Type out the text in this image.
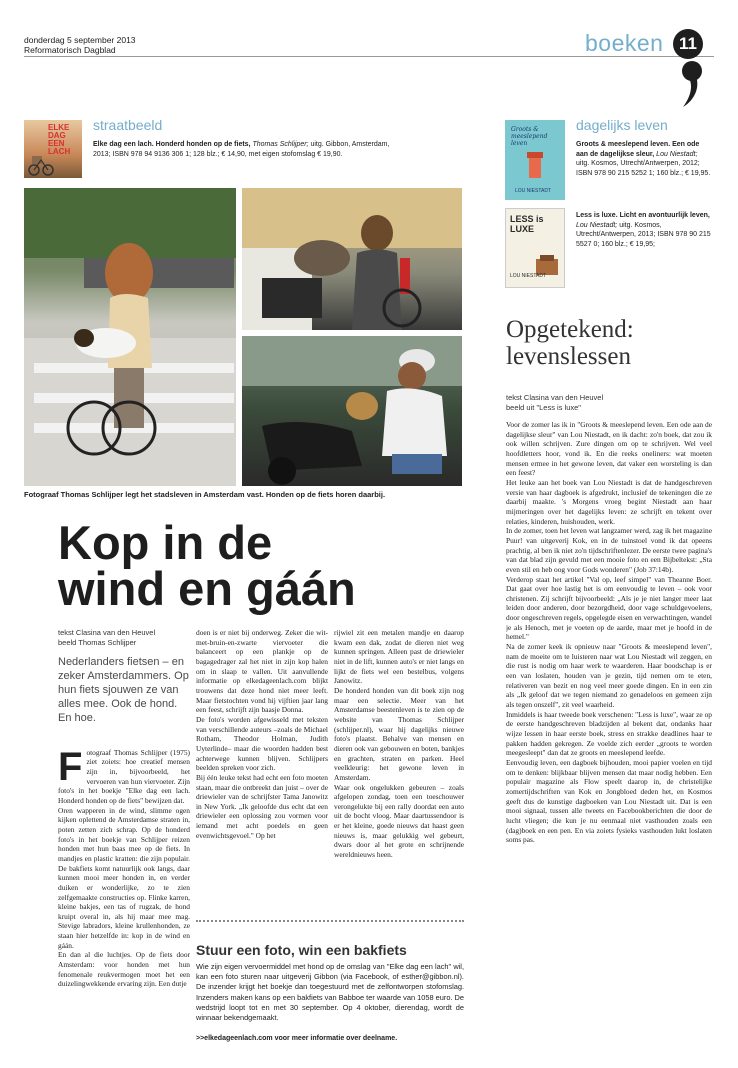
donderdag 5 september 2013
Reformatorisch Dagblad	boeken 11
ELKE DAG EEN LACH
straatbeeld
Elke dag een lach. Honderd honden op de fiets, Thomas Schlijper; uitg. Gibbon, Amsterdam, 2013; ISBN 978 94 9136 306 1; 128 blz.; € 14,90, met eigen stofomslag € 19,90.
Fotograaf Thomas Schlijper legt het stadsleven in Amsterdam vast. Honden op de fiets horen daarbij.
Kop in de
wind en gáán
tekst Clasina van den Heuvel
beeld Thomas Schlijper
Nederlanders fietsen – en zeker Amsterdammers. Op hun fiets sjouwen ze van alles mee. Ook de hond. En hoe.

Fotograaf Thomas Schlijper (1975) ziet zoiets: hoe creatief mensen zijn in, bijvoorbeeld, het vervoeren van hun viervoeter. Zijn foto's in het boekje "Elke dag een lach. Honderd honden op de fiets" bewijzen dat.
Oren wapperen in de wind, slimme ogen kijken oplettend de Amsterdamse straten in, poten zetten zich schrap. Op de honderd foto's in het boekje van Schlijper reizen honden met hun baas mee op de fiets. In mandjes en plastic kratten: die zijn populair. De bakfiets komt natuurlijk ook langs, daar kunnen mooi meer honden in, en verder duiken er wonderlijke, zo te zien zelfgemaakte constructies op. Flinke karren, kleine bakjes, een tas of rugzak, de hond kruipt overal in, als hij maar mee mag. Stevige labradors, kleine krullenhonden, ze staan hier hetzelfde in: kop in de wind en gáán.
En dan al die luchtjes. Op de fiets door Amsterdam: voor honden met hun fenomenale reukvermogen moet het een duizelingwekkende ervaring zijn. Een dutje

doen is er niet bij onderweg. Zeker die wit-met-bruin-en-zwarte viervoeter die balanceert op een plankje op de bagagedrager zal het niet in zijn kop halen om in slaap te vallen. Uit aanvullende informatie op elkedageenlach.com blijkt trouwens dat deze hond niet meer leeft. Maar fietstochten vond hij vijftien jaar lang een feest, schrijft zijn baasje Donna.
De foto's worden afgewisseld met teksten van verschillende auteurs –zoals de Michael Rotham, Theodor Holman, Judith Uyterlinde– maar die woorden hadden best achterwege kunnen blijven. Schlijpers beelden spreken voor zich.
Bij één leuke tekst had echt een foto moeten staan, maar die ontbreekt dan juist – over de driewieler van de schrijfster Tama Janowitz in New York. „Ik geloofde dus echt dat een driewieler een oplossing zou vormen voor iemand met acht poedels en geen evenwichtsgevoel." Op het
rijwiel zit een metalen mandje en daarop kwam een dak, zodat de dieren niet weg kunnen springen. Alleen past de driewieler niet in de lift, kunnen auto's er niet langs en lijkt de fiets wel een bestelbus, volgens Janowitz.
De honderd honden van dit boek zijn nog maar een selectie. Meer van het Amsterdamse beestenleven is te zien op de website van Thomas Schlijper (schlijper.nl), waar hij dagelijks nieuwe foto's plaatst. Behalve van mensen en dieren ook van gebouwen en boten, bankjes en grachten, straten en parken. Heel veelkleurig: het gewone leven in Amsterdam.
Waar ook ongelukken gebeuren – zoals afgelopen zondag, toen een toeschouwer verongelukte bij een rally doordat een auto uit de bocht vloog. Maar daartussendoor is er het kleine, goede nieuws dat haast geen nieuws is, maar gelukkig wel gebeurt, dwars door al het grote en schrijnende wereldnieuws heen.
Stuur een foto, win een bakfiets
Wie zijn eigen vervoermiddel met hond op de omslag van "Elke dag een lach" wil, kan een foto sturen naar uitgeverij Gibbon (via Facebook, of esther@gibbon.nl). De inzender krijgt het boekje dan toegestuurd met de zelfontworpen stofomslag. Inzenders maken kans op een bakfiets van Babboe ter waarde van 1058 euro. De wedstrijd loopt tot en met 30 september. Op 4 oktober, dierendag, wordt de winnaar bekendgemaakt.
>>elkedageenlach.com voor meer informatie over deelname.
Groots & meeslepend leven
LOU NIESTADT
dagelijks leven
Groots & meeslepend leven. Een ode aan de dagelijkse sleur, Lou Niestadt; uitg. Kosmos, Utrecht/Antwerpen, 2012; ISBN 978 90 215 5252 1; 160 blz.; € 19,95.
LESS is LUXE
LOU NIESTADT
Less is luxe. Licht en avontuurlijk leven, Lou Niestadt; uitg. Kosmos, Utrecht/Antwerpen, 2013; ISBN 978 90 215 5527 0; 160 blz.; € 19,95;
Opgetekend:
levenslessen
tekst Clasina van den Heuvel
beeld uit "Less is luxe"
Voor de zomer las ik in "Groots & meeslepend leven. Een ode aan de dagelijkse sleur" van Lou Niestadt, en ik dacht: zo'n boek, dat zou ik ook willen schrijven. Zure dingen om op te schrijven. Wel veel hoofdletters hoor, vond ik. En die reeks oneliners: wat moeten mensen ermee in het gewone leven, dat vaker een worsteling is dan een feest?
Het leuke aan het boek van Lou Niestadt is dat de handgeschreven versie van haar dagboek is afgedrukt, inclusief de tekeningen die ze daarbij maakte. 's Morgens vroeg begint Niestadt aan haar mijmeringen over het dagelijks leven: ze schrijft en tekent over relaties, kinderen, huishouden, werk.
In de zomer, toen het leven wat langzamer werd, zag ik het magazine Puur! van uitgeverij Kok, en in de tuinstoel vond ik dat opeens prachtig, al ben ik niet zo'n tijdschriftenlezer. De eerste twee pagina's van dat blad zijn gevuld met een mooie foto en een Bijbeltekst: „Sta even stil en heb oog voor Gods wonderen" (Job 37:14b).
Verderop staat het artikel "Val op, leef simpel" van Theanne Boer. Dat gaat over hoe lastig het is om eenvoudig te leven – ook voor christenen. Zij schrijft bijvoorbeeld: „Als je je niet langer meer laat leiden door anderen, door bezorgdheid, door vage schuldgevoelens, door ongeschreven regels, opgelegde eisen en verwachtingen, wandel je als Henoch, met je voeten op de aarde, maar met je hoofd in de hemel."
Na de zomer keek ik opnieuw naar "Groots & meeslepend leven", nam de moeite om te luisteren naar wat Lou Niestadt wil zeggen, en die rust is nodig om haar werk te waarderen. Haar boodschap is er een van loslaten, houden van je gezin, tijd nemen om te eten, relativeren van bezit en nog veel meer goede dingen. En in een zin als „Ik geloof dat we tegen niemand zo genadeloos en gemeen zijn als tegen onszelf", zit veel waarheid.
Inmiddels is haar tweede boek verschenen: "Less is luxe", waar ze op de eerste handgeschreven bladzijden al bekent dat, ondanks haar wijze lessen in haar eerste boek, stress en strakke deadlines haar te pakken hadden gekregen. Ze voelde zich eerder „groots te worden meegesleept" dan dat ze groots en meeslepend leefde.
Eenvoudig leven, een dagboek bijhouden, mooi papier voelen en tijd om te denken: blijkbaar blijven mensen dat maar nodig hebben. Een populair magazine als Flow speelt daarop in, de christelijke zomertijdschriften van Kok en Jongbloed deden het, en Kosmos geeft dus de kunstige dagboeken van Lou Niestadt uit. Dat is een mooi signaal, tussen alle tweets en Facebookberichten die door de lucht vliegen; die kun je nu eenmaal niet vasthouden zoals een (dag)boek en een pen. En via zoiets fysieks vasthouden lukt loslaten soms pas.
